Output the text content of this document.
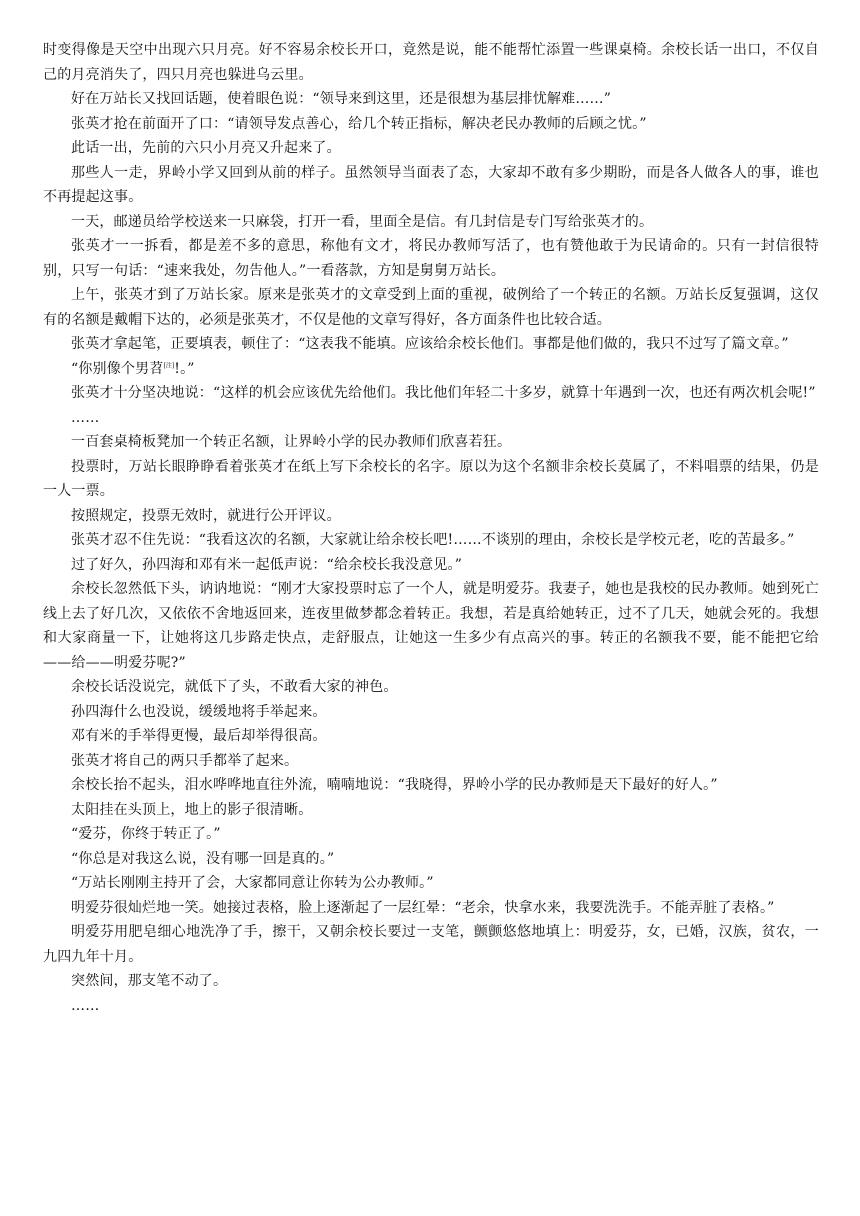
时变得像是天空中出现六只月亮。好不容易余校长开口，竟然是说，能不能帮忙添置一些课桌椅。余校长话一出口，不仅自己的月亮消失了，四只月亮也躲进乌云里。

好在万站长又找回话题，使着眼色说：“领导来到这里，还是很想为基层排忧解难……”

张英才抢在前面开了口：“请领导发点善心，给几个转正指标，解决老民办教师的后顾之忧。”

此话一出，先前的六只小月亮又升起来了。

那些人一走，界岭小学又回到从前的样子。虽然领导当面表了态，大家却不敢有多少期盼，而是各人做各人的事，谁也不再提起这事。

一天，邮递员给学校送来一只麻袋，打开一看，里面全是信。有几封信是专门写给张英才的。

张英才一一拆看，都是差不多的意思，称他有文才，将民办教师写活了，也有赞他敢于为民请命的。只有一封信很特别，只写一句话：“速来我处，勿告他人。”一看落款，方知是舅舅万站长。

上午，张英才到了万站长家。原来是张英才的文章受到上面的重视，破例给了一个转正的名额。万站长反复强调，这仅有的名额是戴帽下达的，必须是张英才，不仅是他的文章写得好，各方面条件也比较合适。

张英才拿起笔，正要填表，顿住了：“这表我不能填。应该给余校长他们。事都是他们做的，我只不过写了篇文章。”

“你别像个男苕[注]!。”

张英才十分坚决地说：“这样的机会应该优先给他们。我比他们年轻二十多岁，就算十年遇到一次，也还有两次机会呢!”

……

一百套桌椅板凳加一个转正名额，让界岭小学的民办教师们欣喜若狂。

投票时，万站长眼睁睁看着张英才在纸上写下余校长的名字。原以为这个名额非余校长莫属了，不料唱票的结果，仍是一人一票。

按照规定，投票无效时，就进行公开评议。

张英才忍不住先说：“我看这次的名额，大家就让给余校长吧!……不谈别的理由，余校长是学校元老，吃的苦最多。”

过了好久，孙四海和邓有米一起低声说：“给余校长我没意见。”

余校长忽然低下头，讷讷地说：“刚才大家投票时忘了一个人，就是明爱芬。我妻子，她也是我校的民办教师。她到死亡线上去了好几次，又依依不舍地返回来，连夜里做梦都念着转正。我想，若是真给她转正，过不了几天，她就会死的。我想和大家商量一下，让她将这几步路走快点，走舒服点，让她这一生多少有点高兴的事。转正的名额我不要，能不能把它给——给——明爱芬呢?”

余校长话没说完，就低下了头，不敢看大家的神色。

孙四海什么也没说，缓缓地将手举起来。

邓有米的手举得更慢，最后却举得很高。

张英才将自己的两只手都举了起来。

余校长抬不起头，泪水哗哗地直往外流，喃喃地说：“我晓得，界岭小学的民办教师是天下最好的好人。”

太阳挂在头顶上，地上的影子很清晰。

“爱芬，你终于转正了。”

“你总是对我这么说，没有哪一回是真的。”

“万站长刚刚主持开了会，大家都同意让你转为公办教师。”

明爱芬很灿烂地一笑。她接过表格，脸上逐渐起了一层红晕：“老余，快拿水来，我要洗洗手。不能弄脏了表格。”

明爱芬用肥皂细心地洗净了手，擦干，又朝余校长要过一支笔，颤颤悠悠地填上：明爱芬，女，已婚，汉族，贫农，一九四九年十月。

突然间，那支笔不动了。

……
